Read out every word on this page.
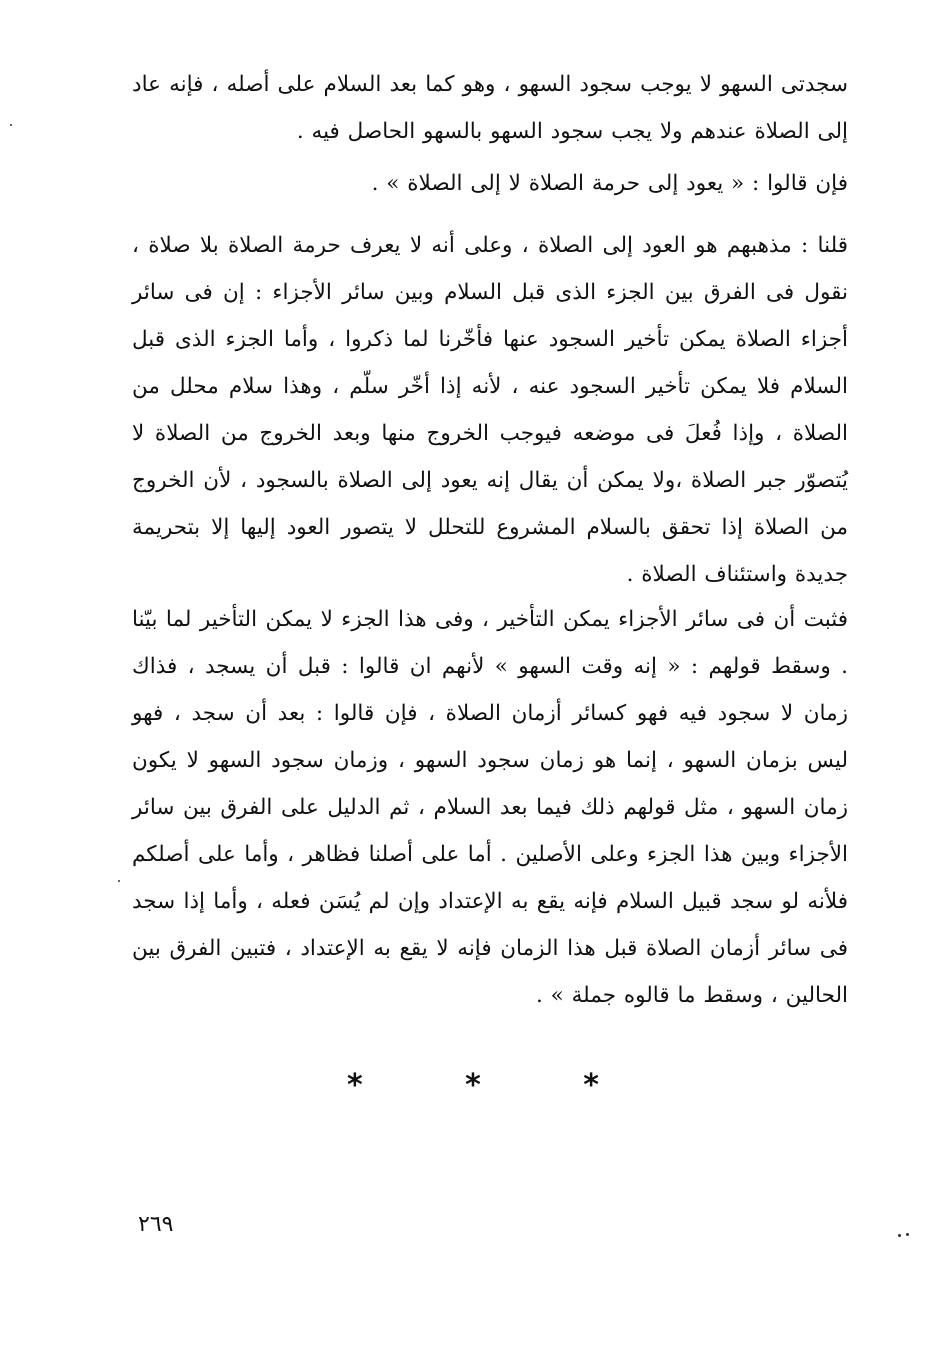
سجدتى السهو لا يوجب سجود السهو ، وهو كما بعد السلام على أصله ، فإنه عاد إلى الصلاة عندهم ولا يجب سجود السهو بالسهو الحاصل فيه .
فإن قالوا : « يعود إلى حرمة الصلاة لا إلى الصلاة » .
قلنا : مذهبهم هو العود إلى الصلاة ، وعلى أنه لا يعرف حرمة الصلاة بلا صلاة ، نقول فى الفرق بين الجزء الذى قبل السلام وبين سائر الأجزاء : إن فى سائر أجزاء الصلاة يمكن تأخير السجود عنها فأخّرنا لما ذكروا ، وأما الجزء الذى قبل السلام فلا يمكن تأخير السجود عنه ، لأنه إذا أخّر سلّم ، وهذا سلام محلل من الصلاة ، وإذا فُعلَ فى موضعه فيوجب الخروج منها وبعد الخروج من الصلاة لا يُتصوّر جبر الصلاة ،ولا يمكن أن يقال إنه يعود إلى الصلاة بالسجود ، لأن الخروج من الصلاة إذا تحقق بالسلام المشروع للتحلل لا يتصور العود إليها إلا بتحريمة جديدة واستئناف الصلاة .
فثبت أن فى سائر الأجزاء يمكن التأخير ، وفى هذا الجزء لا يمكن التأخير لما بيّنا . وسقط قولهم : « إنه وقت السهو » لأنهم ان قالوا : قبل أن يسجد ، فذاك زمان لا سجود فيه فهو كسائر أزمان الصلاة ، فإن قالوا : بعد أن سجد ، فهو ليس بزمان السهو ، إنما هو زمان سجود السهو ، وزمان سجود السهو لا يكون زمان السهو ، مثل قولهم ذلك فيما بعد السلام ، ثم الدليل على الفرق بين سائر الأجزاء وبين هذا الجزء وعلى الأصلين . أما على أصلنا فظاهر ، وأما على أصلكم فلأنه لو سجد قبيل السلام فإنه يقع به الإعتداد وإن لم يُسَن فعله ، وأما إذا سجد فى سائر أزمان الصلاة قبل هذا الزمان فإنه لا يقع به الإعتداد ، فتبين الفرق بين الحالين ، وسقط ما قالوه جملة » .
* * *
٢٦٩
